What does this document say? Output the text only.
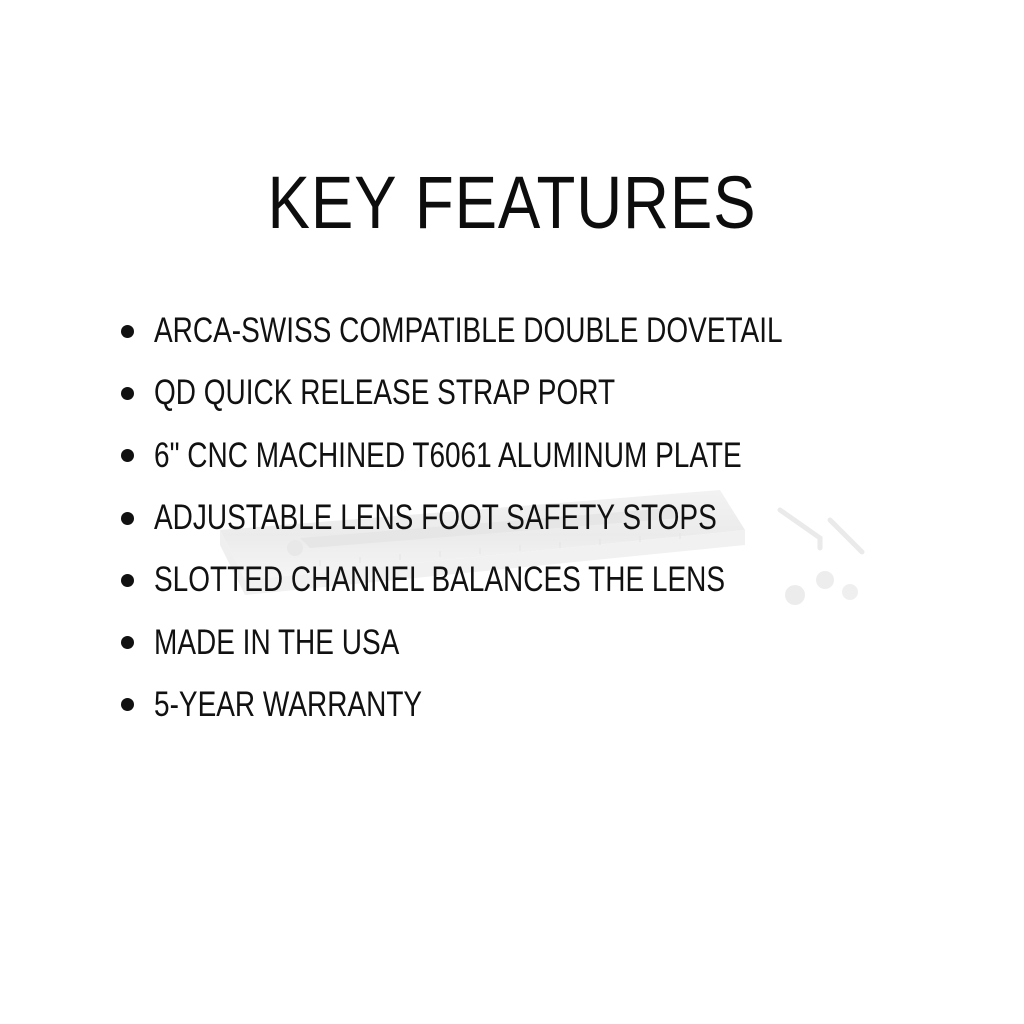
KEY FEATURES
ARCA-SWISS COMPATIBLE DOUBLE DOVETAIL
QD QUICK RELEASE STRAP PORT
6" CNC MACHINED T6061 ALUMINUM PLATE
ADJUSTABLE LENS FOOT SAFETY STOPS
SLOTTED CHANNEL BALANCES THE LENS
MADE IN THE USA
5-YEAR WARRANTY
